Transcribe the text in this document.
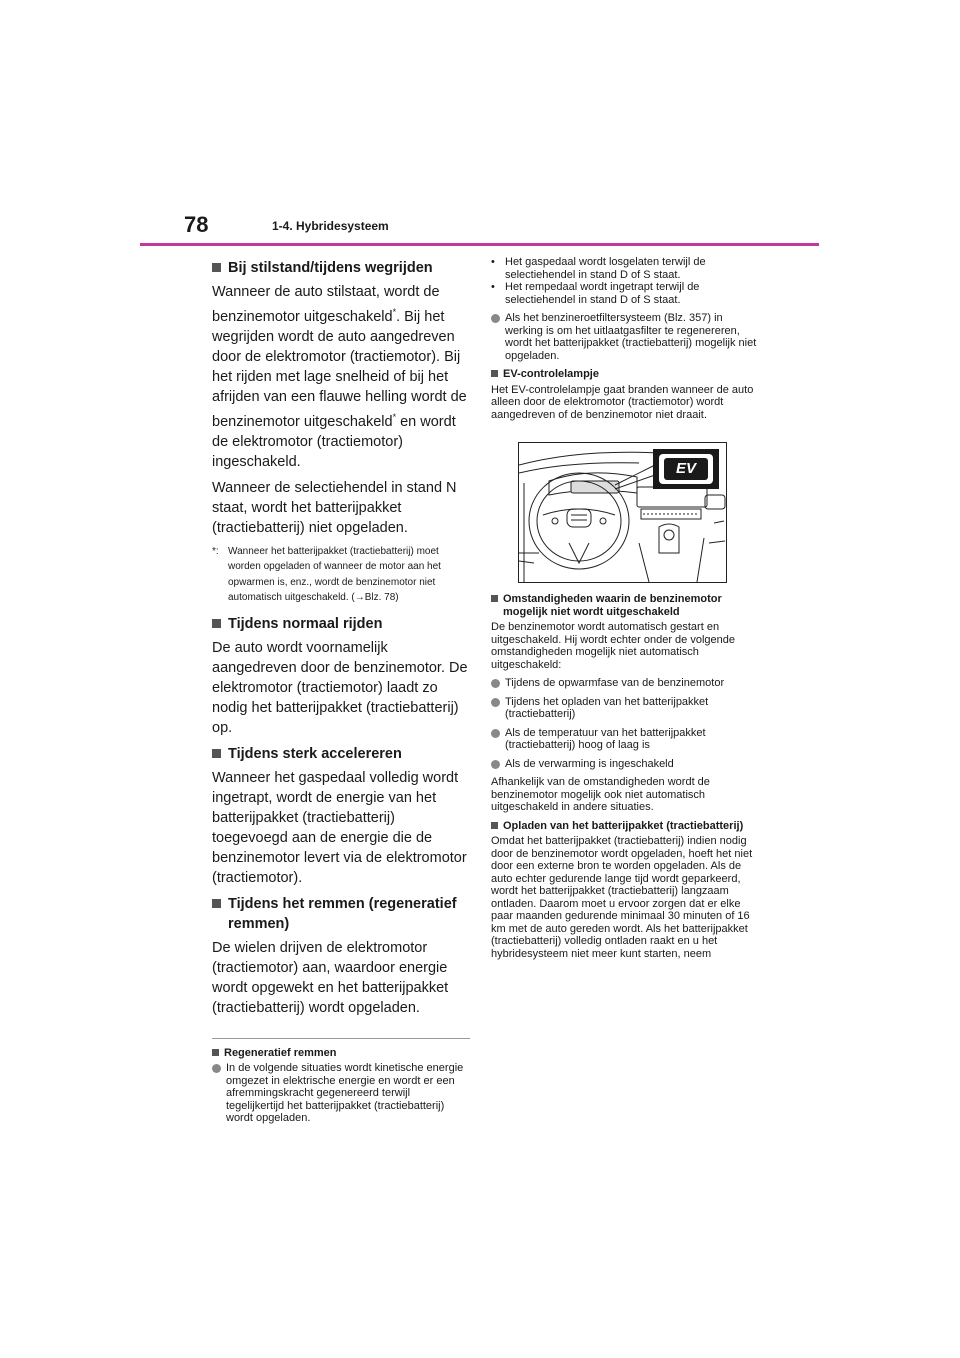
78	1-4. Hybridesysteem
Bij stilstand/tijdens wegrijden
Wanneer de auto stilstaat, wordt de benzinemotor uitgeschakeld*. Bij het wegrijden wordt de auto aangedreven door de elektromotor (tractiemotor). Bij het rijden met lage snelheid of bij het afrijden van een flauwe helling wordt de benzinemotor uitgeschakeld* en wordt de elektromotor (tractiemotor) ingeschakeld.
Wanneer de selectiehendel in stand N staat, wordt het batterijpakket (tractiebatterij) niet opgeladen.
*: Wanneer het batterijpakket (tractiebatterij) moet worden opgeladen of wanneer de motor aan het opwarmen is, enz., wordt de benzinemotor niet automatisch uitgeschakeld. (→Blz. 78)
Tijdens normaal rijden
De auto wordt voornamelijk aangedreven door de benzinemotor. De elektromotor (tractiemotor) laadt zo nodig het batterijpakket (tractiebatterij) op.
Tijdens sterk accelereren
Wanneer het gaspedaal volledig wordt ingetrapt, wordt de energie van het batterijpakket (tractiebatterij) toegevoegd aan de energie die de benzinemotor levert via de elektromotor (tractiemotor).
Tijdens het remmen (regeneratief remmen)
De wielen drijven de elektromotor (tractiemotor) aan, waardoor energie wordt opgewekt en het batterijpakket (tractiebatterij) wordt opgeladen.
Regeneratief remmen
In de volgende situaties wordt kinetische energie omgezet in elektrische energie en wordt er een afremmingskracht gegenereerd terwijl tegelijkertijd het batterijpakket (tractiebatterij) wordt opgeladen.
• Het gaspedaal wordt losgelaten terwijl de selectiehendel in stand D of S staat.
• Het rempedaal wordt ingetrapt terwijl de selectiehendel in stand D of S staat.
Als het benzineroetfiltersysteem (Blz. 357) in werking is om het uitlaatgasfilter te regenereren, wordt het batterijpakket (tractiebatterij) mogelijk niet opgeladen.
EV-controlelampje
Het EV-controlelampje gaat branden wanneer de auto alleen door de elektromotor (tractiemotor) wordt aangedreven of de benzinemotor niet draait.
EV
Omstandigheden waarin de benzinemotor mogelijk niet wordt uitgeschakeld
De benzinemotor wordt automatisch gestart en uitgeschakeld. Hij wordt echter onder de volgende omstandigheden mogelijk niet automatisch uitgeschakeld:
Tijdens de opwarmfase van de benzinemotor
Tijdens het opladen van het batterijpakket (tractiebatterij)
Als de temperatuur van het batterijpakket (tractiebatterij) hoog of laag is
Als de verwarming is ingeschakeld
Afhankelijk van de omstandigheden wordt de benzinemotor mogelijk ook niet automatisch uitgeschakeld in andere situaties.
Opladen van het batterijpakket (tractiebatterij)
Omdat het batterijpakket (tractiebatterij) indien nodig door de benzinemotor wordt opgeladen, hoeft het niet door een externe bron te worden opgeladen. Als de auto echter gedurende lange tijd wordt geparkeerd, wordt het batterijpakket (tractiebatterij) langzaam ontladen. Daarom moet u ervoor zorgen dat er elke paar maanden gedurende minimaal 30 minuten of 16 km met de auto gereden wordt. Als het batterijpakket (tractiebatterij) volledig ontladen raakt en u het hybridesysteem niet meer kunt starten, neem
